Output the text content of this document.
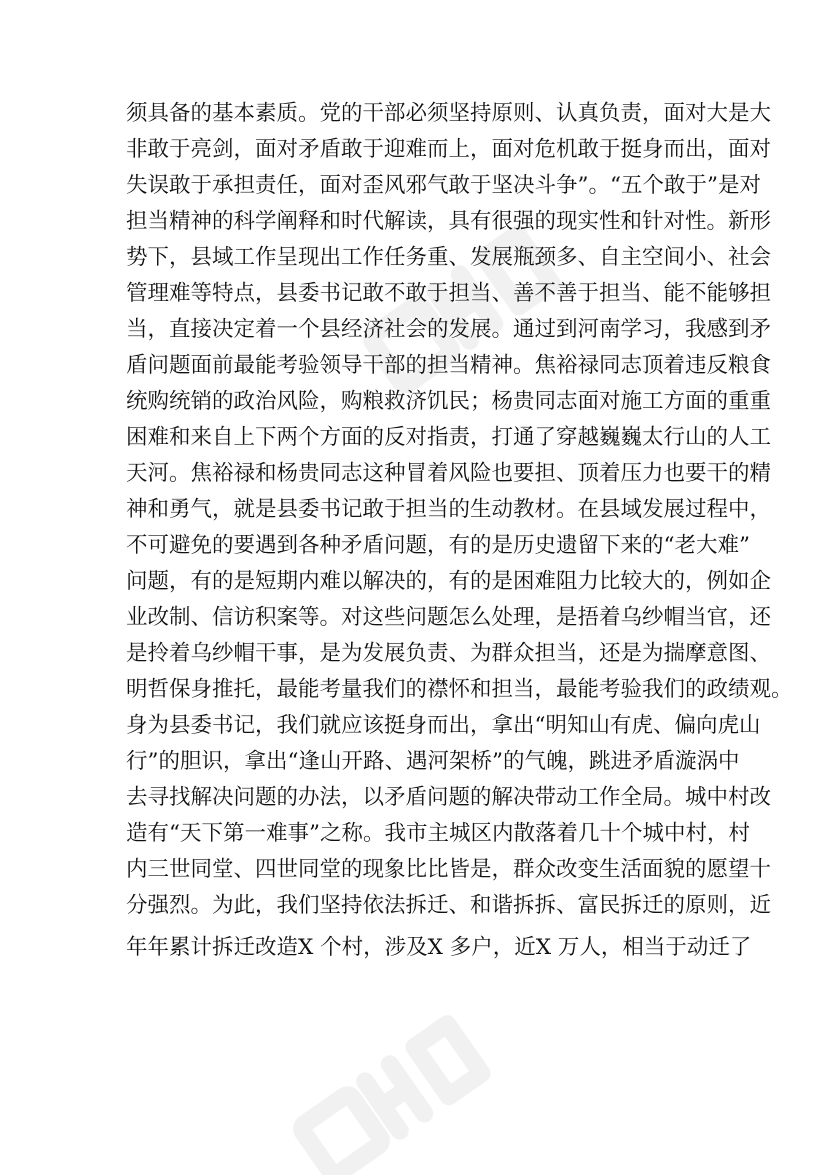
须具备的基本素质。党的干部必须坚持原则、认真负责，面对大是大
非敢于亮剑，面对矛盾敢于迎难而上，面对危机敢于挺身而出，面对
失误敢于承担责任，面对歪风邪气敢于坚决斗争”。“五个敢于”是对
担当精神的科学阐释和时代解读，具有很强的现实性和针对性。新形
势下，县域工作呈现出工作任务重、发展瓶颈多、自主空间小、社会
管理难等特点，县委书记敢不敢于担当、善不善于担当、能不能够担
当，直接决定着一个县经济社会的发展。通过到河南学习，我感到矛
盾问题面前最能考验领导干部的担当精神。焦裕禄同志顶着违反粮食
统购统销的政治风险，购粮救济饥民；杨贵同志面对施工方面的重重
困难和来自上下两个方面的反对指责，打通了穿越巍巍太行山的人工
天河。焦裕禄和杨贵同志这种冒着风险也要担、顶着压力也要干的精
神和勇气，就是县委书记敢于担当的生动教材。在县域发展过程中，
不可避免的要遇到各种矛盾问题，有的是历史遗留下来的“老大难”
问题，有的是短期内难以解决的，有的是困难阻力比较大的，例如企
业改制、信访积案等。对这些问题怎么处理，是捂着乌纱帽当官，还
是拎着乌纱帽干事，是为发展负责、为群众担当，还是为揣摩意图、
明哲保身推托，最能考量我们的襟怀和担当，最能考验我们的政绩观。
身为县委书记，我们就应该挺身而出，拿出“明知山有虎、偏向虎山
行”的胆识，拿出“逢山开路、遇河架桥”的气魄，跳进矛盾漩涡中
去寻找解决问题的办法，以矛盾问题的解决带动工作全局。城中村改
造有“天下第一难事”之称。我市主城区内散落着几十个城中村，村
内三世同堂、四世同堂的现象比比皆是，群众改变生活面貌的愿望十
分强烈。为此，我们坚持依法拆迁、和谐拆拆、富民拆迁的原则，近
年年累计拆迁改造X 个村，涉及X 多户，近X 万人，相当于动迁了
